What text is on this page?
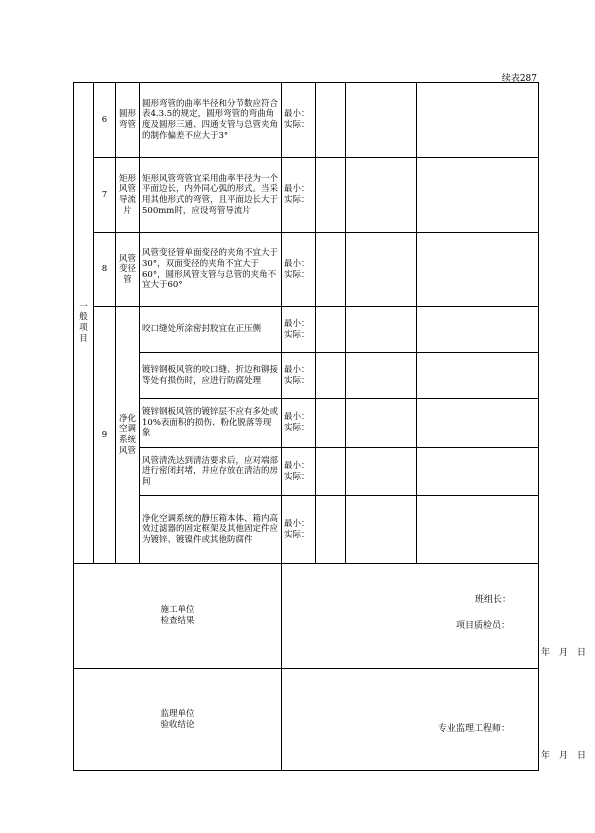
续表287
一
般
项
目	6	圆形
弯管	圆形弯管的曲率半径和分节数应符合表4.3.5的规定，圆形弯管的弯曲角度及圆形三通、四通支管与总管夹角的制作偏差不应大于3°	最小：
实际：			
	7	矩形
风管
导流
片	矩形风管弯管宜采用曲率半径为一个平面边长，内外同心弧的形式。当采用其他形式的弯管，且平面边长大于500mm时，应设弯管导流片	最小：
实际：			
	8	风管
变径
管	风管变径管单面变径的夹角不宜大于30°，双面变径的夹角不宜大于60°，圆形风管支管与总管的夹角不宜大于60°	最小：
实际：			
	9	净化
空调
系统
风管	咬口缝处所涂密封胶宜在正压侧	最小：
实际：			
			镀锌钢板风管的咬口缝、折边和铆接等处有损伤时，应进行防腐处理	最小：
实际：			
			镀锌钢板风管的镀锌层不应有多处或10%表面积的损伤、粉化脱落等现象	最小：
实际：			
			风管清洗达到清洁要求后，应对端部进行密闭封堵，并应存放在清洁的房间	最小：
实际：			
			净化空调系统的静压箱本体、箱内高效过滤器的固定框架及其他固定件应为镀锌、镀镍件或其他防腐件	最小：
实际：			
施工单位
检查结果				班组长：
项目质检员：
年　月　日			

监理单位
验收结论				专业监理工程师：
年　月　日			
